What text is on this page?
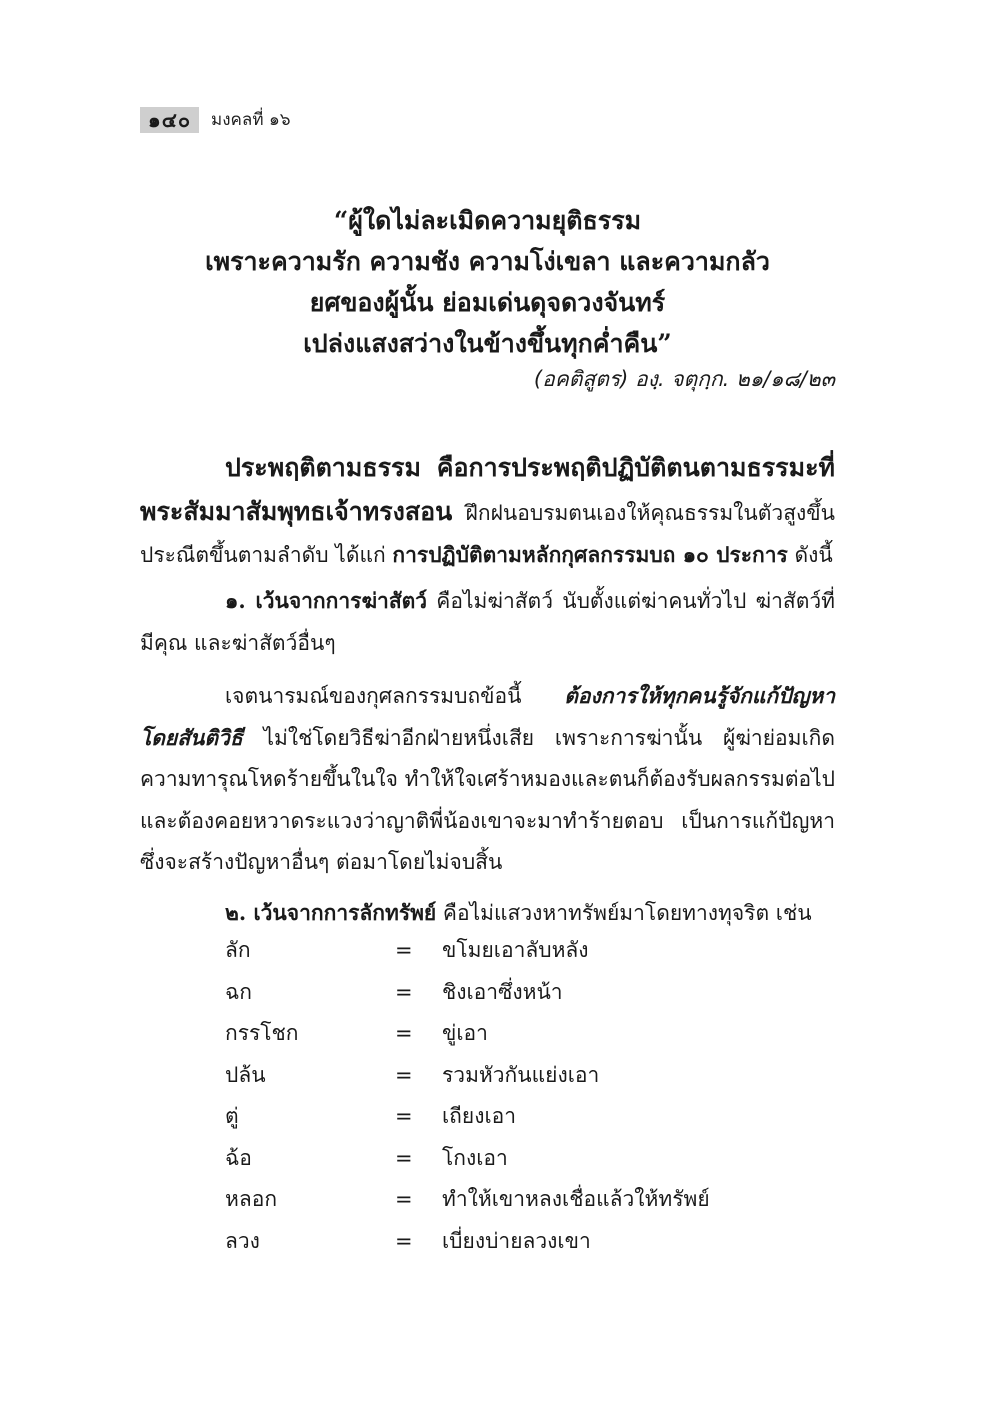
๑๔๐	มงคลที่ ๑๖
“ผู้ใดไม่ละเมิดความยุติธรรม
เพราะความรัก ความชัง ความโง่เขลา และความกลัว
ยศของผู้นั้น ย่อมเด่นดุจดวงจันทร์
เปล่งแสงสว่างในข้างขึ้นทุกค่ำคืน”
(อคติสูตร) องฺ. จตุกฺก. ๒๑/๑๘/๒๓
ประพฤติตามธรรม คือการประพฤติปฏิบัติตนตามธรรมะที่พระสัมมาสัมพุทธเจ้าทรงสอน ฝึกฝนอบรมตนเองให้คุณธรรมในตัวสูงขึ้นประณีตขึ้นตามลำดับ ได้แก่ การปฏิบัติตามหลักกุศลกรรมบถ ๑๐ ประการ ดังนี้
๑. เว้นจากการฆ่าสัตว์ คือไม่ฆ่าสัตว์ นับตั้งแต่ฆ่าคนทั่วไป ฆ่าสัตว์ที่มีคุณ และฆ่าสัตว์อื่นๆ
เจตนารมณ์ของกุศลกรรมบถข้อนี้ ต้องการให้ทุกคนรู้จักแก้ปัญหาโดยสันติวิธี ไม่ใช่โดยวิธีฆ่าอีกฝ่ายหนึ่งเสีย เพราะการฆ่านั้น ผู้ฆ่าย่อมเกิดความทารุณโหดร้ายขึ้นในใจ ทำให้ใจเศร้าหมองและตนก็ต้องรับผลกรรมต่อไป และต้องคอยหวาดระแวงว่าญาติพี่น้องเขาจะมาทำร้ายตอบ เป็นการแก้ปัญหาซึ่งจะสร้างปัญหาอื่นๆ ต่อมาโดยไม่จบสิ้น
๒. เว้นจากการลักทรัพย์ คือไม่แสวงหาทรัพย์มาโดยทางทุจริต เช่น
ลัก	=	ขโมยเอาลับหลัง
ฉก	=	ชิงเอาซึ่งหน้า
กรรโชก	=	ขู่เอา
ปล้น	=	รวมหัวกันแย่งเอา
ตู่	=	เถียงเอา
ฉ้อ	=	โกงเอา
หลอก	=	ทำให้เขาหลงเชื่อแล้วให้ทรัพย์
ลวง	=	เบี่ยงบ่ายลวงเขา
